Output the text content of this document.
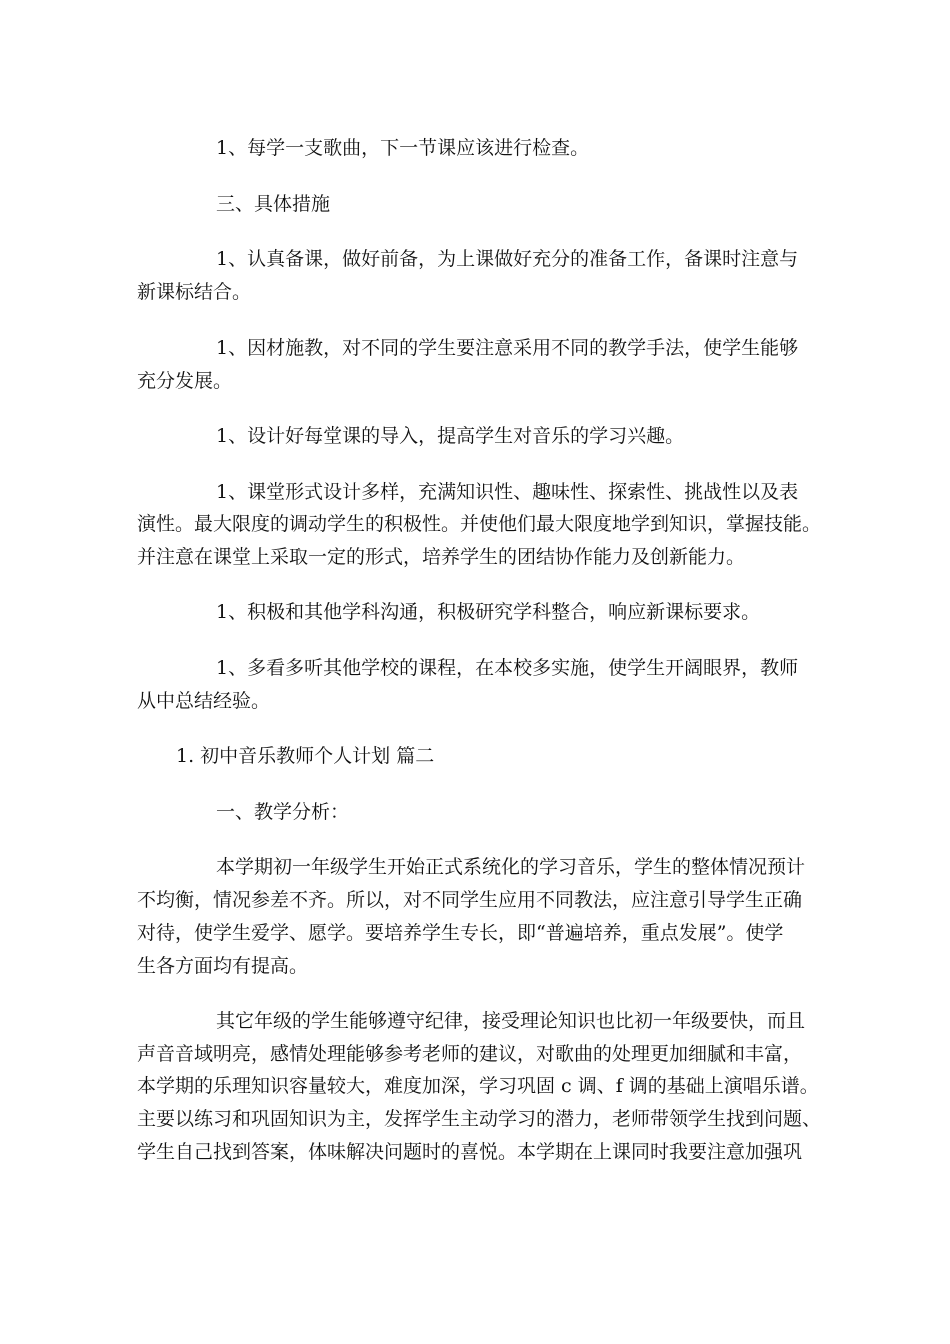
1、每学一支歌曲，下一节课应该进行检查。
三、具体措施
1、认真备课，做好前备，为上课做好充分的准备工作，备课时注意与
新课标结合。
1、因材施教，对不同的学生要注意采用不同的教学手法，使学生能够
充分发展。
1、设计好每堂课的导入，提高学生对音乐的学习兴趣。
1、课堂形式设计多样，充满知识性、趣味性、探索性、挑战性以及表
演性。最大限度的调动学生的积极性。并使他们最大限度地学到知识，掌握技能。
并注意在课堂上采取一定的形式，培养学生的团结协作能力及创新能力。
1、积极和其他学科沟通，积极研究学科整合，响应新课标要求。
1、多看多听其他学校的课程，在本校多实施，使学生开阔眼界，教师
从中总结经验。
1. 初中音乐教师个人计划 篇二
一、教学分析：
本学期初一年级学生开始正式系统化的学习音乐，学生的整体情况预计
不均衡，情况参差不齐。所以，对不同学生应用不同教法，应注意引导学生正确
对待，使学生爱学、愿学。要培养学生专长，即“普遍培养，重点发展”。使学
生各方面均有提高。
其它年级的学生能够遵守纪律，接受理论知识也比初一年级要快，而且
声音音域明亮，感情处理能够参考老师的建议，对歌曲的处理更加细腻和丰富，
本学期的乐理知识容量较大，难度加深，学习巩固 c 调、f 调的基础上演唱乐谱。
主要以练习和巩固知识为主，发挥学生主动学习的潜力，老师带领学生找到问题、
学生自己找到答案，体味解决问题时的喜悦。本学期在上课同时我要注意加强巩
